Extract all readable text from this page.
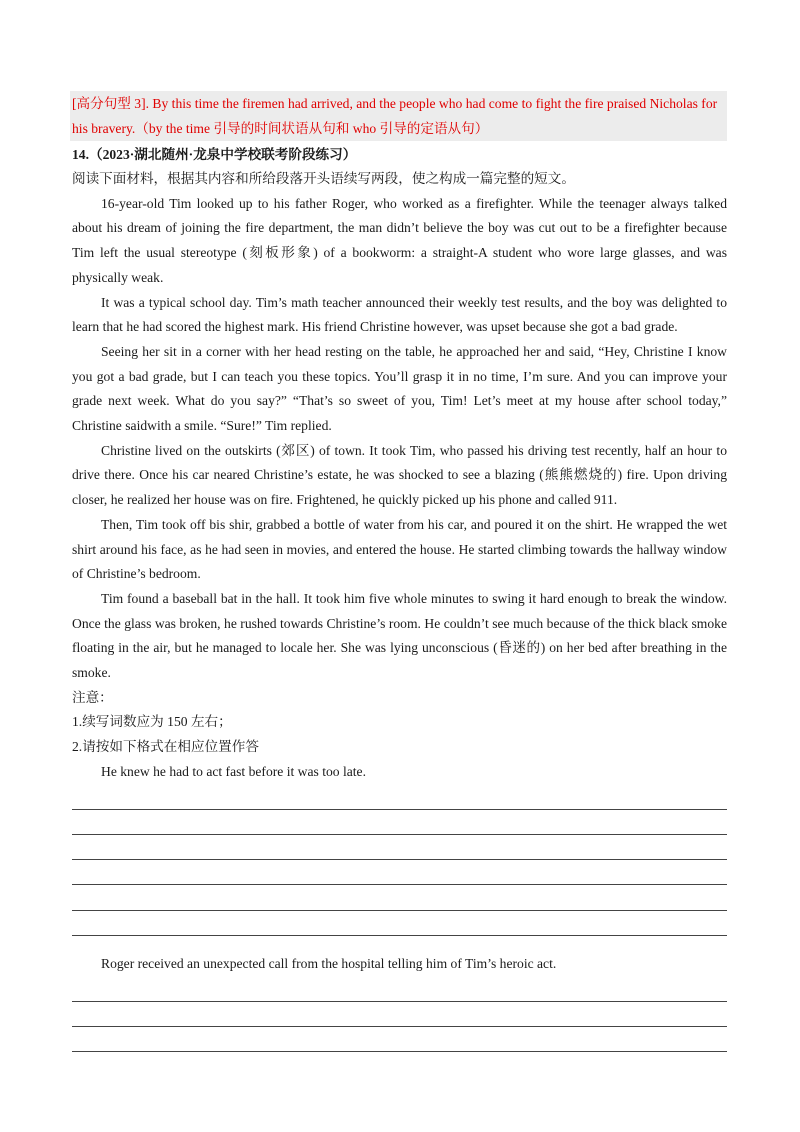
[高分句型 3]. By this time the firemen had arrived, and the people who had come to fight the fire praised Nicholas for his bravery.（by the time 引导的时间状语从句和 who 引导的定语从句）
14.（2023·湖北随州·龙泉中学校联考阶段练习）
阅读下面材料，根据其内容和所给段落开头语续写两段，使之构成一篇完整的短文。
16-year-old Tim looked up to his father Roger, who worked as a firefighter. While the teenager always talked about his dream of joining the fire department, the man didn’t believe the boy was cut out to be a firefighter because Tim left the usual stereotype (刻板形象) of a bookworm: a straight-A student who wore large glasses, and was physically weak.
It was a typical school day. Tim’s math teacher announced their weekly test results, and the boy was delighted to learn that he had scored the highest mark. His friend Christine however, was upset because she got a bad grade.
Seeing her sit in a corner with her head resting on the table, he approached her and said, “Hey, Christine I know you got a bad grade, but I can teach you these topics. You’ll grasp it in no time, I’m sure. And you can improve your grade next week. What do you say?” “That’s so sweet of you, Tim! Let’s meet at my house after school today,” Christine saidwith a smile. “Sure!” Tim replied.
Christine lived on the outskirts (郊区) of town. It took Tim, who passed his driving test recently, half an hour to drive there. Once his car neared Christine’s estate, he was shocked to see a blazing (熊熊燃烧的) fire. Upon driving closer, he realized her house was on fire. Frightened, he quickly picked up his phone and called 911.
Then, Tim took off bis shir, grabbed a bottle of water from his car, and poured it on the shirt. He wrapped the wet shirt around his face, as he had seen in movies, and entered the house. He started climbing towards the hallway window of Christine’s bedroom.
Tim found a baseball bat in the hall. It took him five whole minutes to swing it hard enough to break the window. Once the glass was broken, he rushed towards Christine’s room. He couldn’t see much because of the thick black smoke floating in the air, but he managed to locale her. She was lying unconscious (昏迷的) on her bed after breathing in the smoke.
注意：
1.续写词数应为 150 左右；
2.请按如下格式在相应位置作答
He knew he had to act fast before it was too late.
Roger received an unexpected call from the hospital telling him of Tim’s heroic act.
